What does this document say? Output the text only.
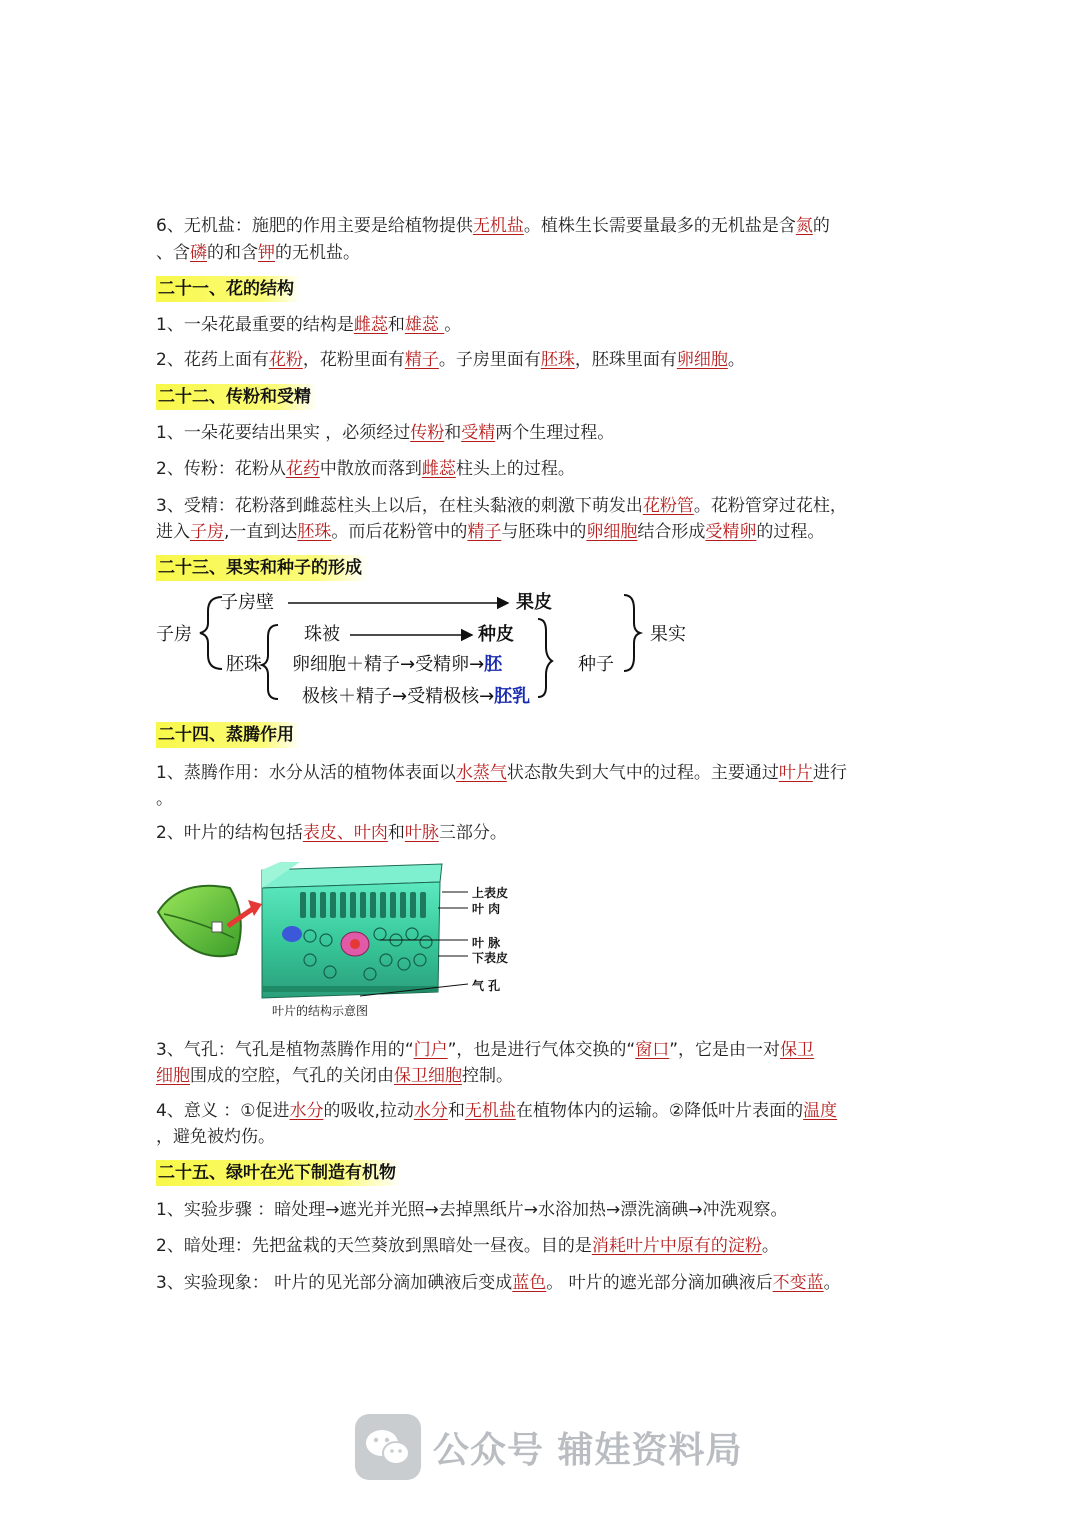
6、无机盐：施肥的作用主要是给植物提供无机盐。植株生长需要量最多的无机盐是含氮的
、含磷的和含钾的无机盐。
二十一、花的结构
1、一朵花最重要的结构是雌蕊和雄蕊 。
2、花药上面有花粉，花粉里面有精子。子房里面有胚珠，胚珠里面有卵细胞。
二十二、传粉和受精
1、一朵花要结出果实 ，必须经过传粉和受精两个生理过程。
2、传粉：花粉从花药中散放而落到雌蕊柱头上的过程。
3、受精：花粉落到雌蕊柱头上以后，在柱头黏液的刺激下萌发出花粉管。花粉管穿过花柱，
进入子房,一直到达胚珠。而后花粉管中的精子与胚珠中的卵细胞结合形成受精卵的过程。
二十三、果实和种子的形成
子房
子房壁	果皮
胚珠
珠被	种皮
卵细胞＋精子→受精卵→胚
极核＋精子→受精极核→胚乳
种子
果实
二十四、蒸腾作用
1、蒸腾作用：水分从活的植物体表面以水蒸气状态散失到大气中的过程。主要通过叶片进行
。
2、叶片的结构包括表皮、叶肉和叶脉三部分。
上表皮
叶 肉
叶 脉
下表皮
气 孔
叶片的结构示意图
3、气孔：气孔是植物蒸腾作用的“门户”，也是进行气体交换的“窗口”，它是由一对保卫
细胞围成的空腔，气孔的关闭由保卫细胞控制。
4、意义 ：①促进水分的吸收,拉动水分和无机盐在植物体内的运输。②降低叶片表面的温度
，避免被灼伤。
二十五、绿叶在光下制造有机物
1、实验步骤 ：暗处理→遮光并光照→去掉黑纸片→水浴加热→漂洗滴碘→冲洗观察。
2、暗处理：先把盆栽的天竺葵放到黑暗处一昼夜。目的是消耗叶片中原有的淀粉。
3、实验现象： 叶片的见光部分滴加碘液后变成蓝色。 叶片的遮光部分滴加碘液后不变蓝。
公众号 辅娃资料局
